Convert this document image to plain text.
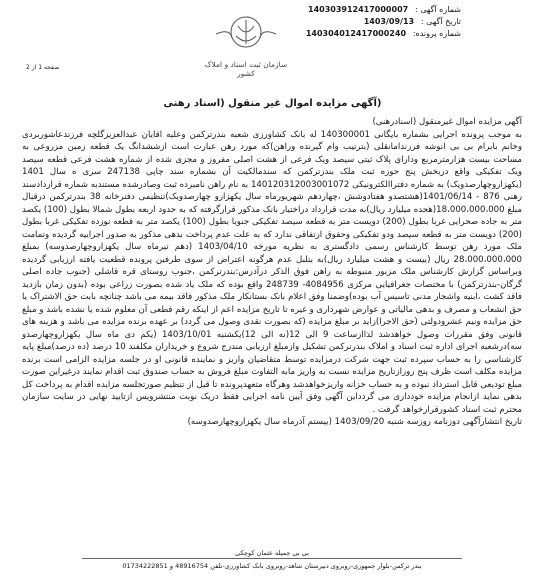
شماره آگهی : 140303912417000007
تاریخ آگهی : 1403/09/13
شماره پرونده: 140304012417000240
سازمان ثبت اسناد و املاک کشور
صفحه 1 از 2
(آگهی مزایده اموال غیر منقول (اسناد رهنی

آگهی مزایده اموال غیرمنقول (اسنادرهنی)

به موجب پرونده اجرایی بشماره بایگانی 140300001 له بانک کشاورزی شعبه بندرترکمن وعلیه اقایان عبدالعزیزگلچه فرزندعاشوربردی وخانم بابرام بی بی انوشه فرزندامانقلی (بترتیب وام گیرنده وراهن)که مورد رهن عبارت است ازششدانگ یک قطعه زمین مزروعی به مساحت بیست هزارمترمربع ودارای پلاک ثبتی سیصد ویک فرعی از هشت اصلی مفروز و مجزی شده از شماره هشت فرعی قطعه سیصد ویک تفکیکی واقع دربخش پنج حوزه ثبت ملک بندرترکمن که سندمالکیت آن بشماره سند چاپی 247138 سری ه سال 1401 (یکهزاروچهارصدویک) به شماره دفتراالکترونیکی 140120312003001072 به نام راهن نامبرده ثبت وصادرشده مستندبه شماره قراردادسند رهنی 876 - 1401/06/14(هشتصدو هفتادوشش ،چهاردهم شهریورماه سال یکهزارو چهارصدویک)تنظیمی دفترخانه 38 بندرترکمن درقبال مبلغ 18،000،000،000(هجده میلیارد ریال)به مدت قرارداد دراختیار بانک مذکور قرارگرفته که به حدود اربعه بطول شمالا بطول (100) یکصد متر به جاده صحرایی غربا بطول (200) دویست متر به قطعه سیصد تفکیکی جنوبا بطول (100) یکصد متر به قطعه نوزده تفکیکی غربا بطول (200) دویست متر به قطعه سیصد ودو تفکیکی وحقوق ارتفاقی ندارد که به علت عدم پرداخت بدهی مذکور به صدور اجراییه گردیده وتمامت ملک مورد رهن توسط کارشناس رسمی دادگستری به نظریه مورخه 1403/04/10 (دهم تیرماه سال یکهزاروچهارصدوسه) بمبلغ 28،000،000،000 ریال (بیست و هشت میلیارد ریال)به بتلبل عدم هرگونه اعتراض از سوی طرفین پرونده قطعیت یافته ارزیابی گردیده وبراساس گزارش کارشناس ملک مزبور منبوطه به راهن فوق الذکر درآدرس:بندرترکمن ،جنوب روستای قره قاشلی (جنوب جاده اصلی گرگان-بندرترکمن) با مختصات جغرافیایی مرکزی 4084956- 248739 واقع بوده که ملک یاد شده بصورت زراعی بوده (بدون زمان بازدید فاقد کشت ،ابنیه واشجار مدنی تاسیس آب بوده)وضمنا وفق اعلام بانک بستانکار ملک مذکور فاقد بیمه می باشد چنانچه بابت حق الاشتراک یا حق انشعاب و مصرف و بدهی مالیاتی و عوارض شهرداری و غیره تا تاریخ مزایده اعم از اینکه رقم قطعی آن معلوم شده یا نشده باشد و مبلغ حق مزایده ونیم عشرودولتی (حق الاجرا)زاید بر مبلغ مزایده (که بصورت نقدی وصول می گردد) بر عهده برنده مزایده می باشد و هزینه های قانونی وفق مقررات وصول خواهدشد لذاازساعت 9 الی 12(نه الی 12)یکشنبه 1403/10/01 (یکم دی ماه سال یکهزاروچهارصدو سه)درشعبه اجرای اداره ثبت اسناد و املاک بندرترکمن تشکیل وازمبلغ ارزیابی مندرج شروع و خریداران مکلفند 10 درصد (ده درصد)مبلغ پایه کارشناسی را به حساب سپرده ثبت جهت شرکت درمزایده توسط متقاضیان واریز و نماینده قانونی او در جلسه مزایده الزامی است برنده مزایده مکلف است ظرف پنج روزازتاریخ مزایده نسبت به واریز مابه التفاوت مبلغ فروش به حساب صندوق ثبت اقدام نمایند درغیراین صورت مبلغ تودیعی قابل استرداد نبوده و به حساب خزانه واریزخواهدشد وهرگاه متعهدپرونده تا قبل از تنظیم صورتجلسه مزایده اقدام به پرداخت کل بدهی نماید ازانجام مزایده خودداری می گردداین آگهی وفق آیین نامه اجرایی فقط دریک نوبت منتشرویس ازتایید نهایی در سایت سازمان محترم ثبت اسناد کشورقرارخواهد گرفت .

تاریخ انتشارآگهی دوزنامه روزسه شنبه 1403/09/20 (بیستم آذرماه سال یکهزاروچهارصدوسه)

بی بی جمیله عثمان کوچکی
بندر ترکمن-بلوار جمهوری-روبروی دبیرستان شاهد-روبروی بانک کشاورزی-تلفن 48916754 و 01734222851
